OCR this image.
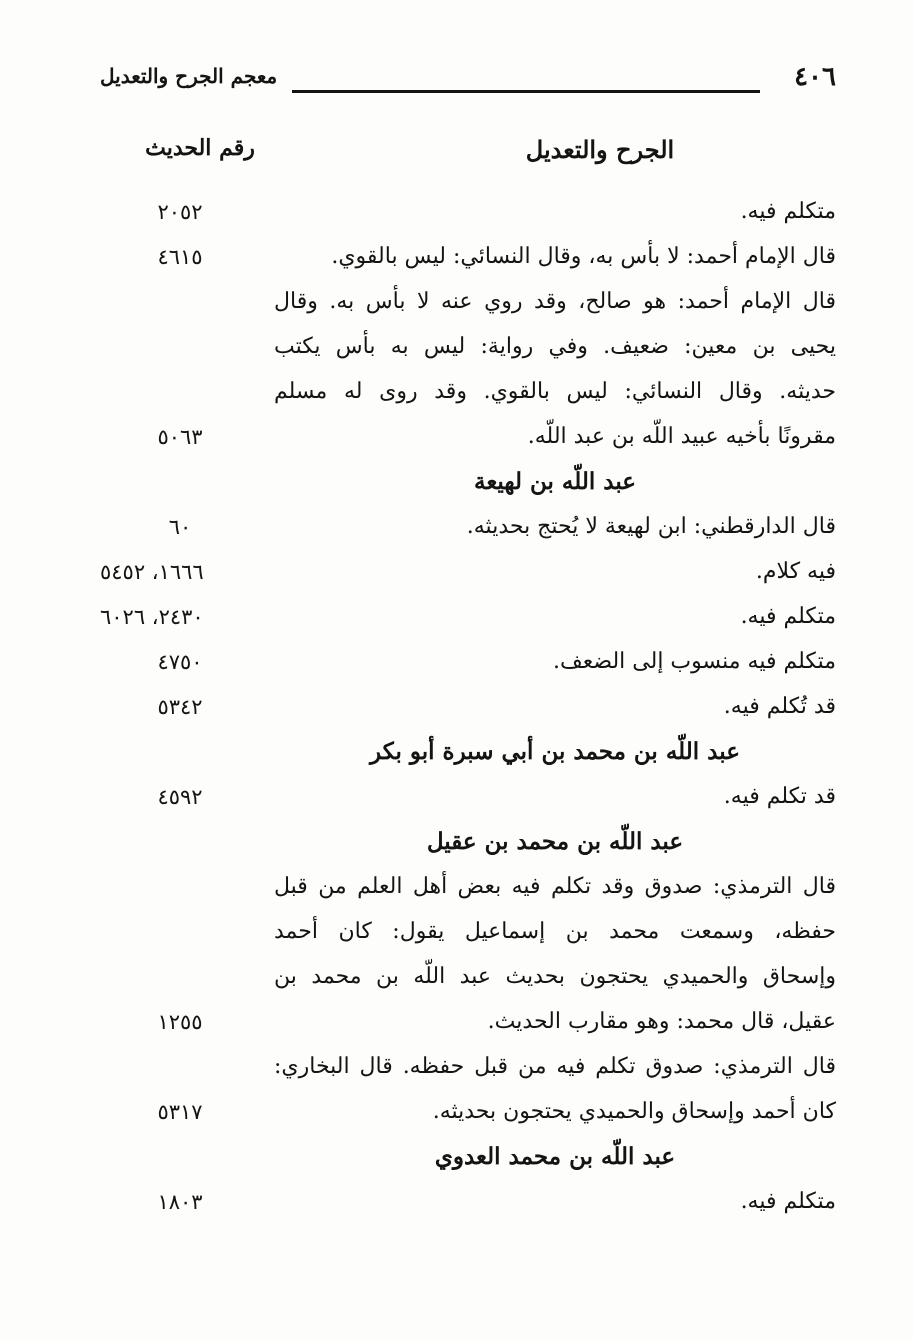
٤٠٦
معجم الجرح والتعديل
الجرح والتعديل
رقم الحديث
متكلم فيه.
٢٠٥٢
قال الإمام أحمد: لا بأس به، وقال النسائي: ليس بالقوي.
٤٦١٥
قال الإمام أحمد: هو صالح، وقد روي عنه لا بأس به. وقال
يحيى بن معين: ضعيف. وفي رواية: ليس به بأس يكتب
حديثه. وقال النسائي: ليس بالقوي. وقد روى له مسلم
مقرونًا بأخيه عبيد اللّه بن عبد اللّه.
٥٠٦٣
عبد اللّه بن لهيعة
قال الدارقطني: ابن لهيعة لا يُحتج بحديثه.
٦٠
فيه كلام.
١٦٦٦، ٥٤٥٢
متكلم فيه.
٢٤٣٠، ٦٠٢٦
متكلم فيه منسوب إلى الضعف.
٤٧٥٠
قد تُكلم فيه.
٥٣٤٢
عبد اللّه بن محمد بن أبي سبرة أبو بكر
قد تكلم فيه.
٤٥٩٢
عبد اللّه بن محمد بن عقيل
قال الترمذي: صدوق وقد تكلم فيه بعض أهل العلم من قبل
حفظه، وسمعت محمد بن إسماعيل يقول: كان أحمد
وإسحاق والحميدي يحتجون بحديث عبد اللّه بن محمد بن
عقيل، قال محمد: وهو مقارب الحديث.
١٢٥٥
قال الترمذي: صدوق تكلم فيه من قبل حفظه. قال البخاري:
كان أحمد وإسحاق والحميدي يحتجون بحديثه.
٥٣١٧
عبد اللّه بن محمد العدوي
متكلم فيه.
١٨٠٣
